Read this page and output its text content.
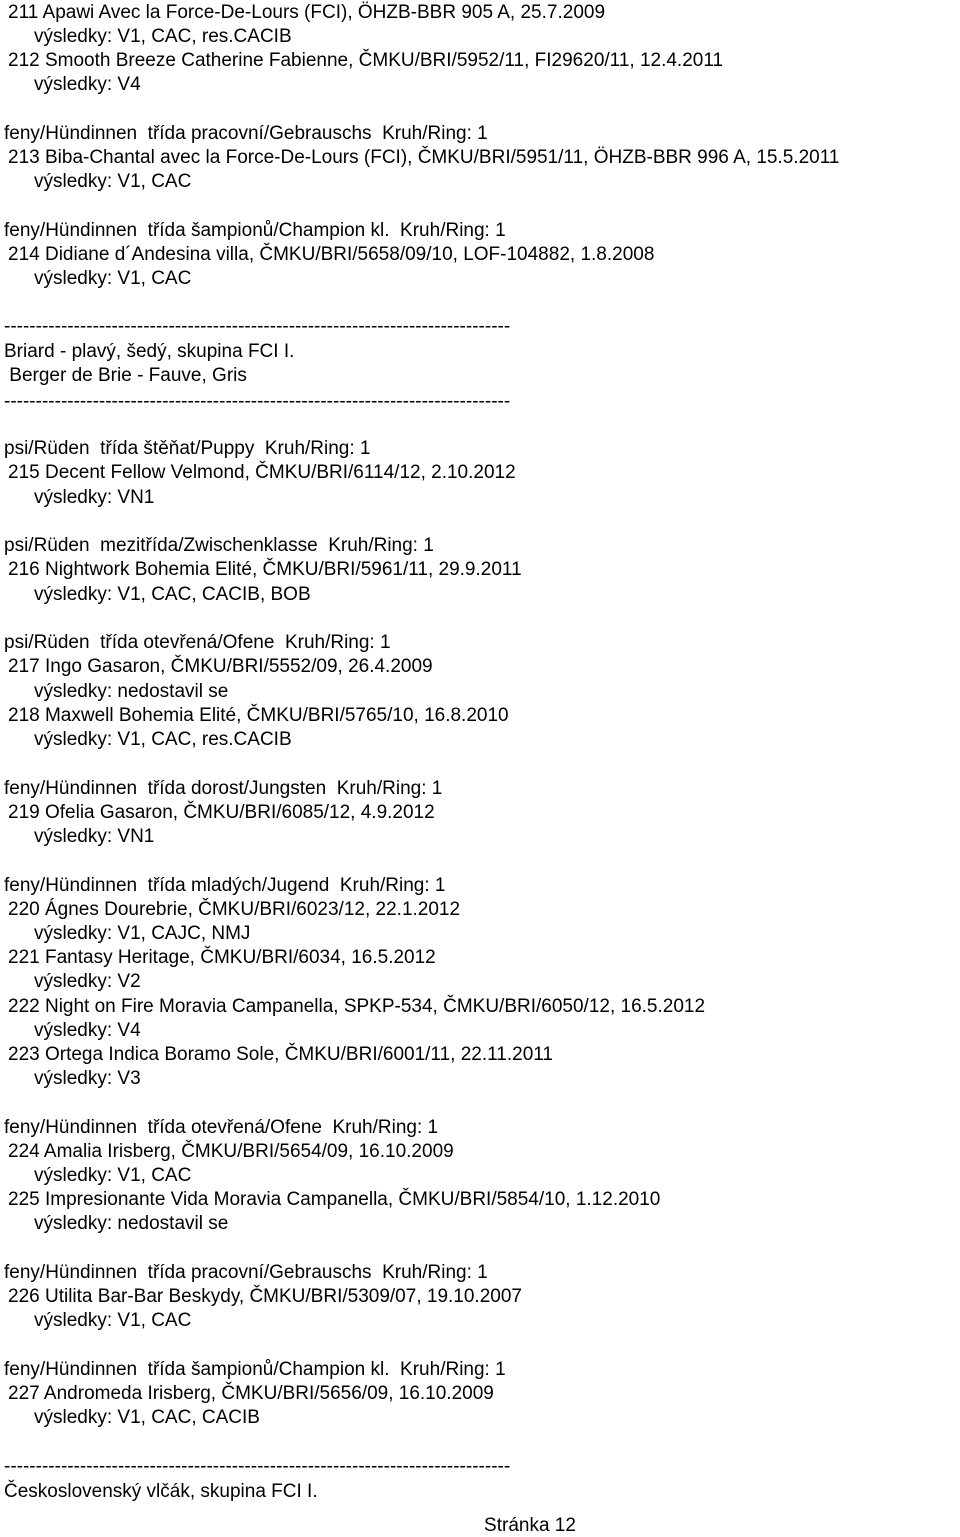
211 Apawi Avec la Force-De-Lours (FCI), ÖHZB-BBR 905 A, 25.7.2009
výsledky: V1, CAC, res.CACIB
212 Smooth Breeze Catherine Fabienne, ČMKU/BRI/5952/11, FI29620/11, 12.4.2011
výsledky: V4
feny/Hündinnen  třída pracovní/Gebrauschs  Kruh/Ring: 1
213 Biba-Chantal avec la Force-De-Lours (FCI), ČMKU/BRI/5951/11, ÖHZB-BBR 996 A, 15.5.2011
výsledky: V1, CAC
feny/Hündinnen  třída šampionů/Champion kl.  Kruh/Ring: 1
214 Didiane d´Andesina villa, ČMKU/BRI/5658/09/10, LOF-104882, 1.8.2008
výsledky: V1, CAC
--------------------------------------------------------------------------------
Briard - plavý, šedý, skupina FCI I.
Berger de Brie - Fauve, Gris
--------------------------------------------------------------------------------
psi/Rüden  třída štěňat/Puppy  Kruh/Ring: 1
215 Decent Fellow Velmond, ČMKU/BRI/6114/12, 2.10.2012
výsledky: VN1
psi/Rüden  mezitřída/Zwischenklasse  Kruh/Ring: 1
216 Nightwork Bohemia Elité, ČMKU/BRI/5961/11, 29.9.2011
výsledky: V1, CAC, CACIB, BOB
psi/Rüden  třída otevřená/Ofene  Kruh/Ring: 1
217 Ingo Gasaron, ČMKU/BRI/5552/09, 26.4.2009
výsledky: nedostavil se
218 Maxwell Bohemia Elité, ČMKU/BRI/5765/10, 16.8.2010
výsledky: V1, CAC, res.CACIB
feny/Hündinnen  třída dorost/Jungsten  Kruh/Ring: 1
219 Ofelia Gasaron, ČMKU/BRI/6085/12, 4.9.2012
výsledky: VN1
feny/Hündinnen  třída mladých/Jugend  Kruh/Ring: 1
220 Ágnes Dourebrie, ČMKU/BRI/6023/12, 22.1.2012
výsledky: V1, CAJC, NMJ
221 Fantasy Heritage, ČMKU/BRI/6034, 16.5.2012
výsledky: V2
222 Night on Fire Moravia Campanella, SPKP-534, ČMKU/BRI/6050/12, 16.5.2012
výsledky: V4
223 Ortega Indica Boramo Sole, ČMKU/BRI/6001/11, 22.11.2011
výsledky: V3
feny/Hündinnen  třída otevřená/Ofene  Kruh/Ring: 1
224 Amalia Irisberg, ČMKU/BRI/5654/09, 16.10.2009
výsledky: V1, CAC
225 Impresionante Vida Moravia Campanella, ČMKU/BRI/5854/10, 1.12.2010
výsledky: nedostavil se
feny/Hündinnen  třída pracovní/Gebrauschs  Kruh/Ring: 1
226 Utilita Bar-Bar Beskydy, ČMKU/BRI/5309/07, 19.10.2007
výsledky: V1, CAC
feny/Hündinnen  třída šampionů/Champion kl.  Kruh/Ring: 1
227 Andromeda Irisberg, ČMKU/BRI/5656/09, 16.10.2009
výsledky: V1, CAC, CACIB
--------------------------------------------------------------------------------
Československý vlčák, skupina FCI I.
Stránka 12
